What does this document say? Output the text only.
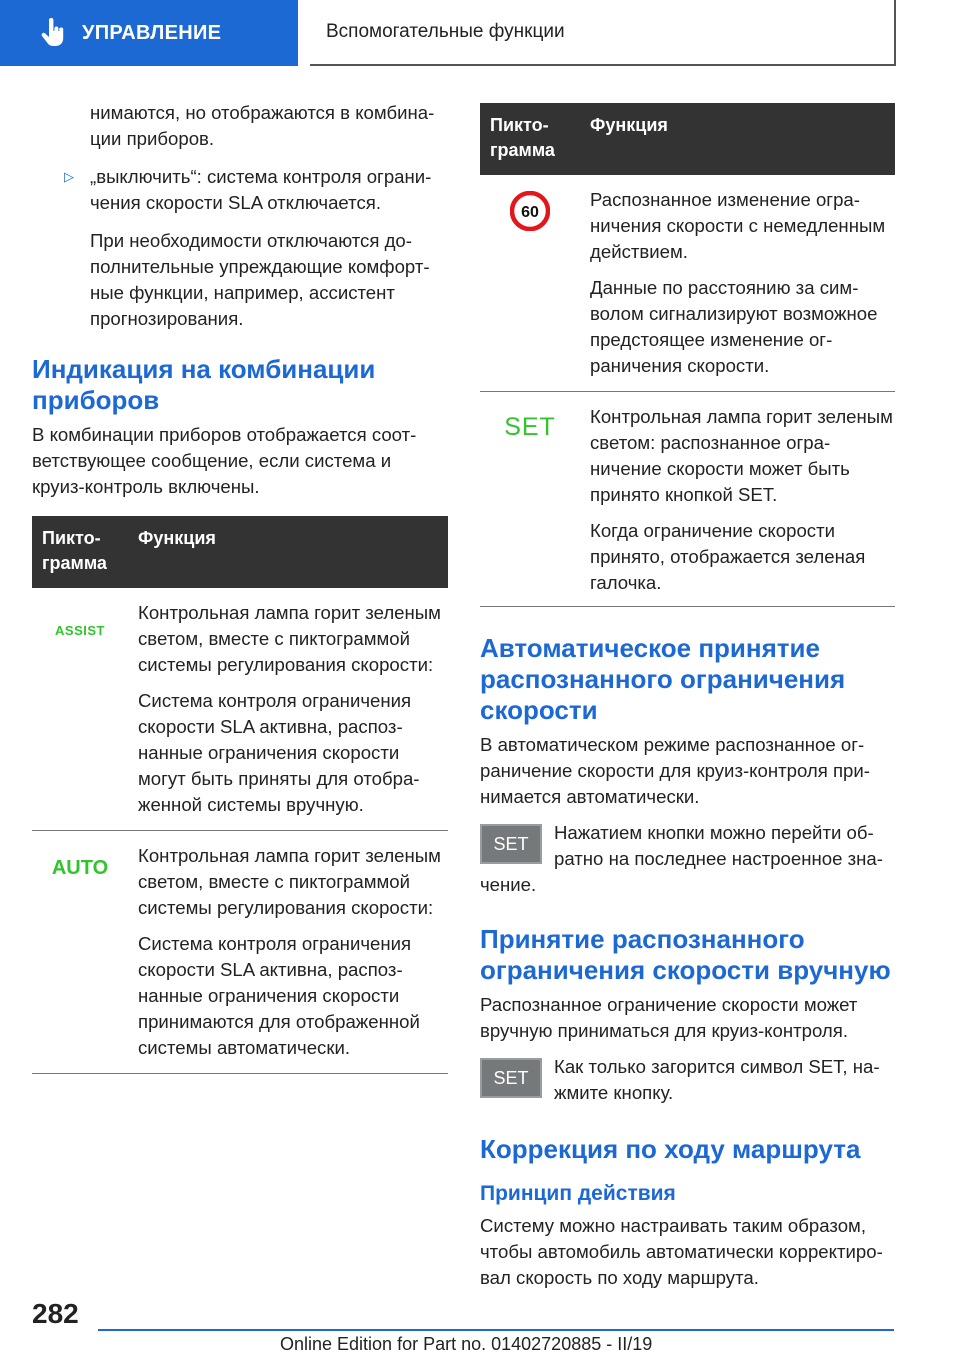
УПРАВЛЕНИЕ	Вспомогательные функции

нимаются, но отображаются в комбинации приборов.

▷ „выключить“: система контроля ограничения скорости SLA отключается.

При необходимости отключаются дополнительные упреждающие комфортные функции, например, ассистент прогнозирования.

Индикация на комбинации приборов

В комбинации приборов отображается соответствующее сообщение, если система и круиз-контроль включены.

Пиктограмма	Функция
ASSIST	Контрольная лампа горит зеленым светом, вместе с пиктограммой системы регулирования скорости:

Система контроля ограничения скорости SLA активна, распознанные ограничения скорости могут быть приняты для отображенной системы вручную.

AUTO	Контрольная лампа горит зеленым светом, вместе с пиктограммой системы регулирования скорости:

Система контроля ограничения скорости SLA активна, распознанные ограничения скорости принимаются для отображенной системы автоматически.

Пиктограмма	Функция

60	Распознанное изменение ограничения скорости с немедленным действием.

Данные по расстоянию за символом сигнализируют возможное предстоящее изменение ограничения скорости.

SET	Контрольная лампа горит зеленым светом: распознанное ограничение скорости может быть принято кнопкой SET.

Когда ограничение скорости принято, отображается зеленая галочка.

Автоматическое принятие распознанного ограничения скорости

В автоматическом режиме распознанное ограничение скорости для круиз-контроля принимается автоматически.

SET

Нажатием кнопки можно перейти обратно на последнее настроенное значение.

Принятие распознанного ограничения скорости вручную

Распознанное ограничение скорости может вручную приниматься для круиз-контроля.

SET

Как только загорится символ SET, нажмите кнопку.

Коррекция по ходу маршрута
Принцип действия

Систему можно настраивать таким образом, чтобы автомобиль автоматически корректировал скорость по ходу маршрута.

282
Online Edition for Part no. 01402720885 - II/19
